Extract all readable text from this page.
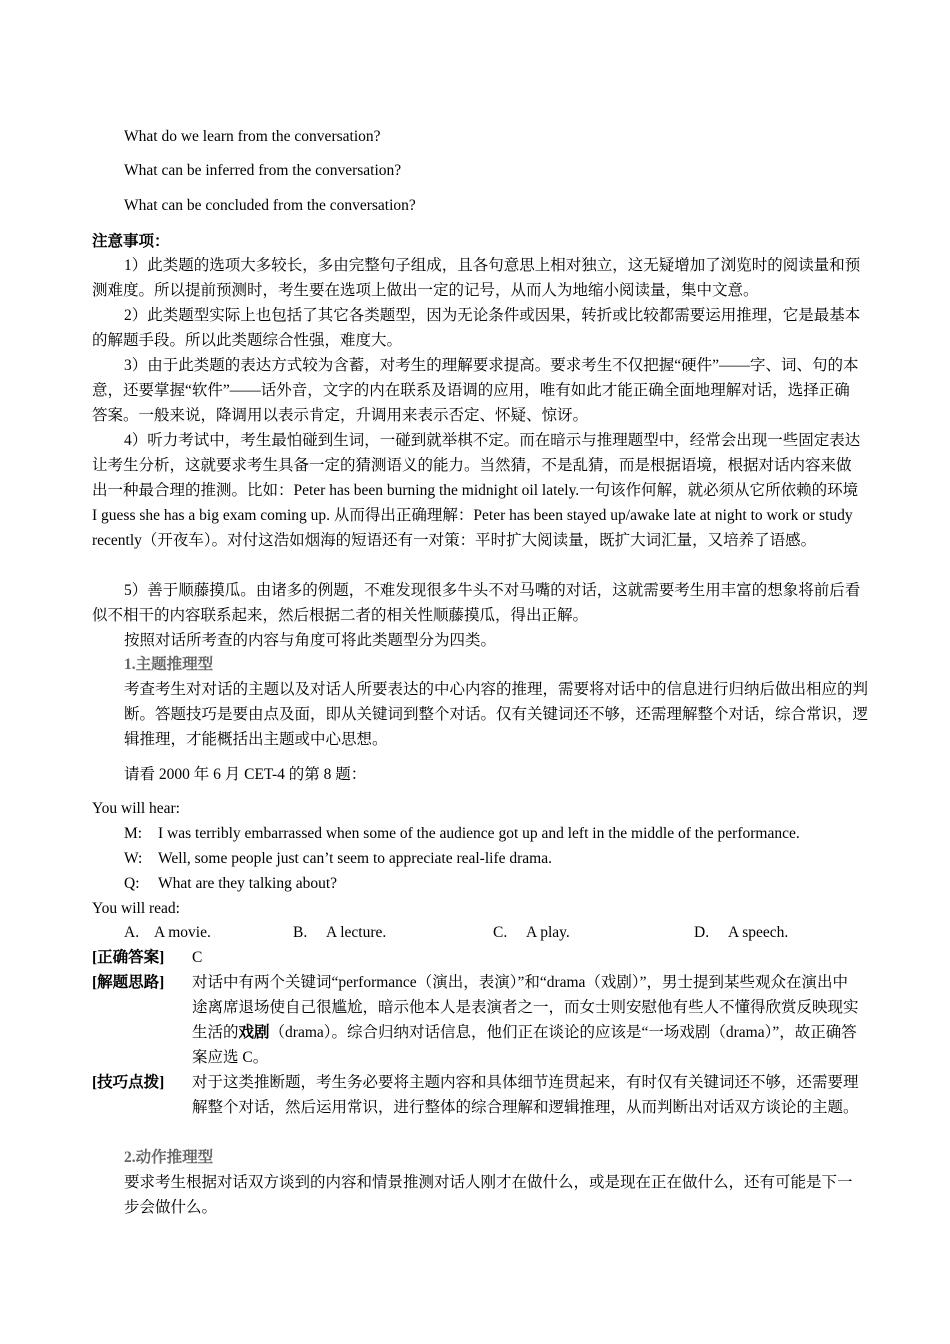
What do we learn from the conversation?
What can be inferred from the conversation?
What can be concluded from the conversation?
注意事项：
1）此类题的选项大多较长，多由完整句子组成，且各句意思上相对独立，这无疑增加了浏览时的阅读量和预测难度。所以提前预测时，考生要在选项上做出一定的记号，从而人为地缩小阅读量，集中文意。
2）此类题型实际上也包括了其它各类题型，因为无论条件或因果，转折或比较都需要运用推理，它是最基本的解题手段。所以此类题综合性强，难度大。
3）由于此类题的表达方式较为含蓄，对考生的理解要求提高。要求考生不仅把握“硬件”——字、词、句的本意，还要掌握“软件”——话外音，文字的内在联系及语调的应用，唯有如此才能正确全面地理解对话，选择正确答案。一般来说，降调用以表示肯定，升调用来表示否定、怀疑、惊讶。
4）听力考试中，考生最怕碰到生词，一碰到就举棋不定。而在暗示与推理题型中，经常会出现一些固定表达让考生分析，这就要求考生具备一定的猜测语义的能力。当然猜，不是乱猜，而是根据语境，根据对话内容来做出一种最合理的推测。比如：Peter has been burning the midnight oil lately.一句该作何解，就必须从它所依赖的环境 I guess she has a big exam coming up. 从而得出正确理解：Peter has been stayed up/awake late at night to work or study recently（开夜车）。对付这浩如烟海的短语还有一对策：平时扩大阅读量，既扩大词汇量，又培养了语感。
5）善于顺藤摸瓜。由诸多的例题，不难发现很多牛头不对马嘴的对话，这就需要考生用丰富的想象将前后看似不相干的内容联系起来，然后根据二者的相关性顺藤摸瓜，得出正解。
按照对话所考查的内容与角度可将此类题型分为四类。
1.主题推理型
考查考生对对话的主题以及对话人所要表达的中心内容的推理，需要将对话中的信息进行归纳后做出相应的判断。答题技巧是要由点及面，即从关键词到整个对话。仅有关键词还不够，还需理解整个对话，综合常识，逻辑推理，才能概括出主题或中心思想。
请看 2000 年 6 月 CET-4 的第 8 题：
You will hear:
M: I was terribly embarrassed when some of the audience got up and left in the middle of the performance.
W: Well, some people just can’t seem to appreciate real-life drama.
Q: What are they talking about?
You will read:
A. A movie.	B. A lecture.	C. A play.	D. A speech.
[正确答案] C
[解题思路] 对话中有两个关键词“performance（演出，表演）”和“drama（戏剧）”，男士提到某些观众在演出中途离席退场使自己很尴尬，暗示他本人是表演者之一，而女士则安慰他有些人不懂得欣赏反映现实生活的戏剧（drama）。综合归纳对话信息，他们正在谈论的应该是“一场戏剧（drama）”，故正确答案应选 C。
[技巧点拨] 对于这类推断题，考生务必要将主题内容和具体细节连贯起来，有时仅有关键词还不够，还需要理解整个对话，然后运用常识，进行整体的综合理解和逻辑推理，从而判断出对话双方谈论的主题。
2.动作推理型
要求考生根据对话双方谈到的内容和情景推测对话人刚才在做什么，或是现在正在做什么，还有可能是下一步会做什么。
